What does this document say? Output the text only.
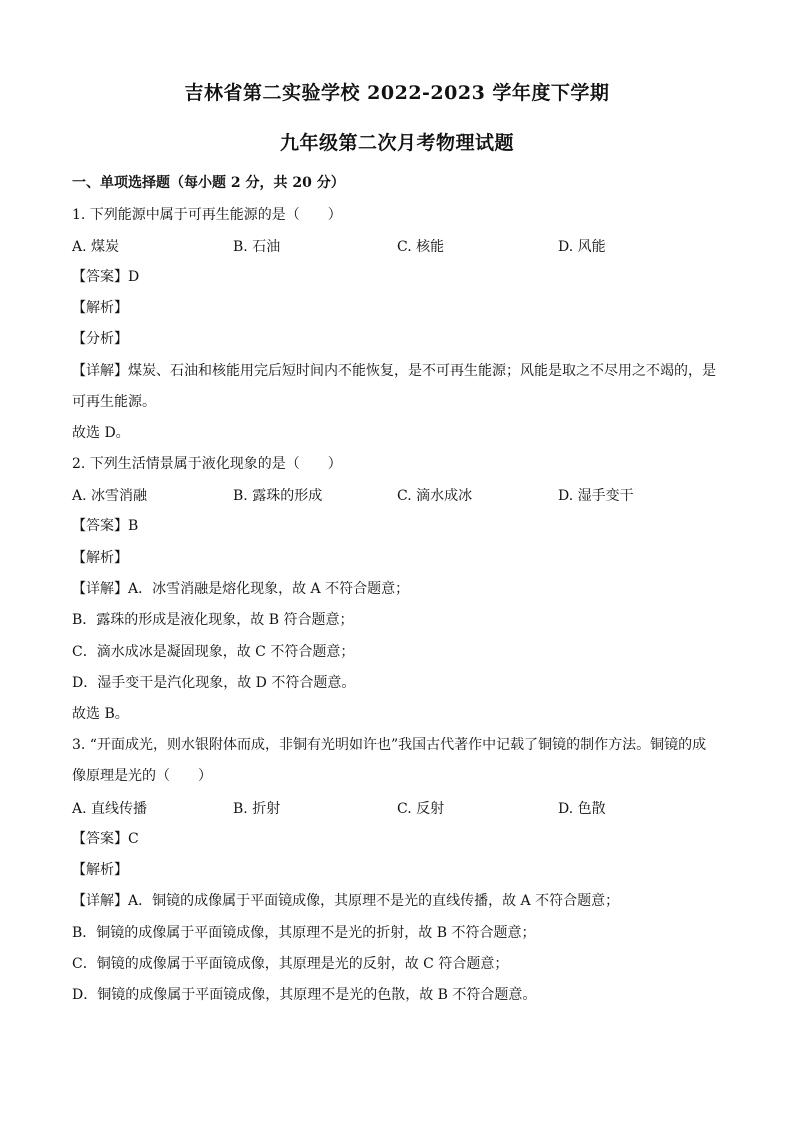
吉林省第二实验学校 2022-2023 学年度下学期
九年级第二次月考物理试题
一、单项选择题（每小题 2 分，共 20 分）
1. 下列能源中属于可再生能源的是（　　）
A. 煤炭	B. 石油	C. 核能	D. 风能
【答案】D
【解析】
【分析】
【详解】煤炭、石油和核能用完后短时间内不能恢复，是不可再生能源；风能是取之不尽用之不竭的，是
可再生能源。
故选 D。
2. 下列生活情景属于液化现象的是（　　）
A. 冰雪消融	B. 露珠的形成	C. 滴水成冰	D. 湿手变干
【答案】B
【解析】
【详解】A．冰雪消融是熔化现象，故 A 不符合题意；
B．露珠的形成是液化现象，故 B 符合题意；
C．滴水成冰是凝固现象，故 C 不符合题意；
D．湿手变干是汽化现象，故 D 不符合题意。
故选 B。
3. “开面成光，则水银附体而成，非铜有光明如许也”我国古代著作中记载了铜镜的制作方法。铜镜的成
像原理是光的（　　）
A. 直线传播	B. 折射	C. 反射	D. 色散
【答案】C
【解析】
【详解】A．铜镜的成像属于平面镜成像，其原理不是光的直线传播，故 A 不符合题意；
B．铜镜的成像属于平面镜成像，其原理不是光的折射，故 B 不符合题意；
C．铜镜的成像属于平面镜成像，其原理是光的反射，故 C 符合题意；
D．铜镜的成像属于平面镜成像，其原理不是光的色散，故 B 不符合题意。
